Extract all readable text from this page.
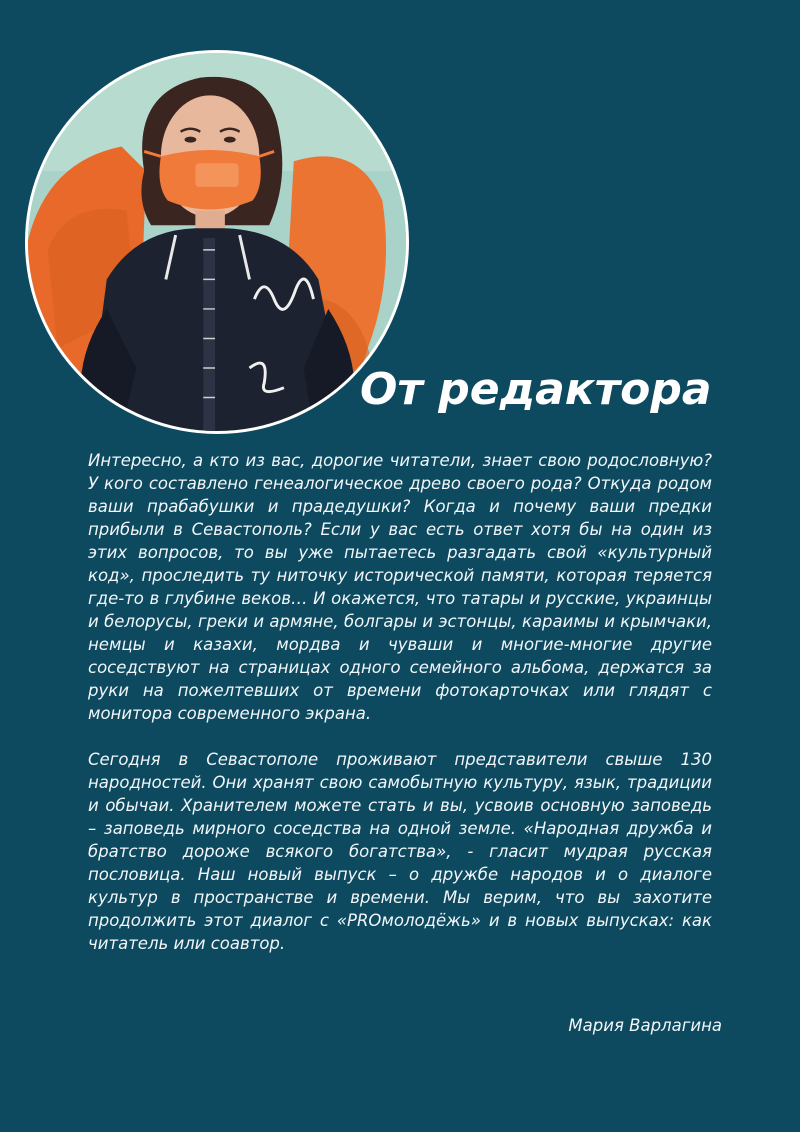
От редактора

Интересно, а кто из вас, дорогие читатели, знает свою родословную? У кого составлено генеалогическое древо своего рода? Откуда родом ваши прабабушки и прадедушки? Когда и почему ваши предки прибыли в Севастополь? Если у вас есть ответ хотя бы на один из этих вопросов, то вы уже пытаетесь разгадать свой «культурный код», проследить ту ниточку исторической памяти, которая теряется где-то в глубине веков… И окажется, что татары и русские, украинцы и белорусы, греки и армяне, болгары и эстонцы, караимы и крымчаки, немцы и казахи, мордва и чуваши и многие-многие другие соседствуют на страницах одного семейного альбома, держатся за руки на пожелтевших от времени фотокарточках или глядят с монитора современного экрана.

Сегодня в Севастополе проживают представители свыше 130 народностей. Они хранят свою самобытную культуру, язык, традиции и обычаи. Хранителем можете стать и вы, усвоив основную заповедь – заповедь мирного соседства на одной земле. «Народная дружба и братство дороже всякого богатства», - гласит мудрая русская пословица. Наш новый выпуск – о дружбе народов и о диалоге культур в пространстве и времени. Мы верим, что вы захотите продолжить этот диалог с «PROмолодёжь» и в новых выпусках: как читатель или соавтор.

Мария Варлагина
